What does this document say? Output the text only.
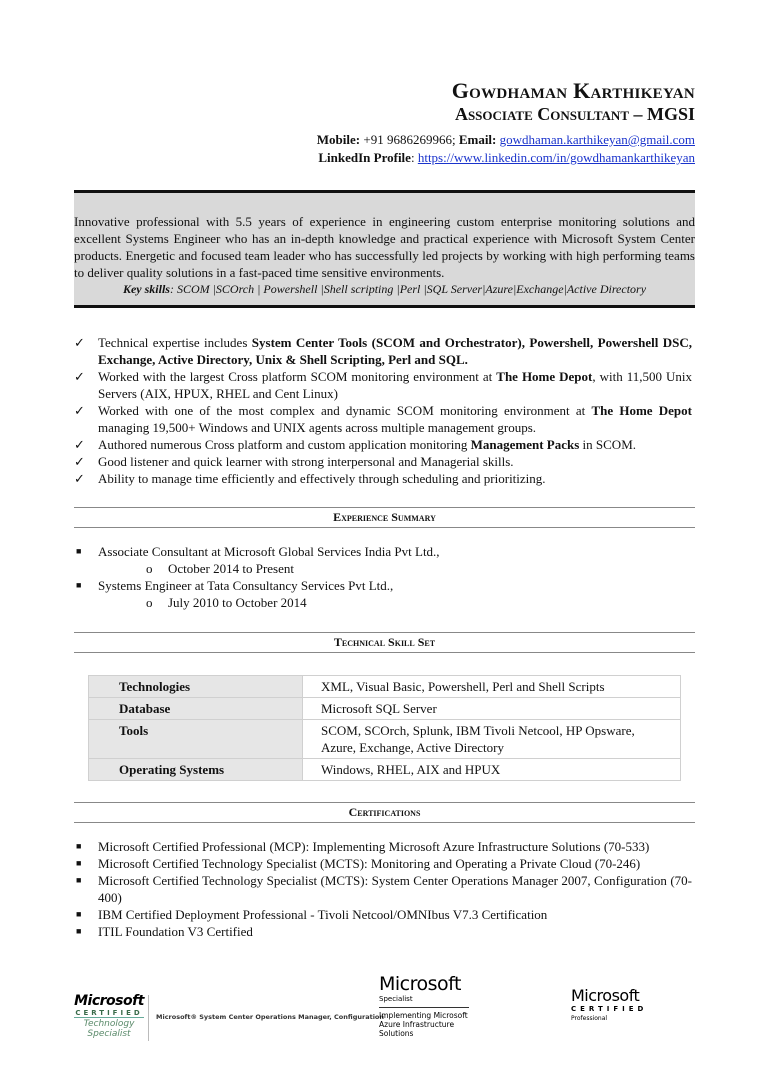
Gowdhaman Karthikeyan
Associate Consultant – MGSI
Mobile: +91 9686269966; Email: gowdhaman.karthikeyan@gmail.com
LinkedIn Profile: https://www.linkedin.com/in/gowdhamankarthikeyan

Innovative professional with 5.5 years of experience in engineering custom enterprise monitoring solutions and excellent Systems Engineer who has an in-depth knowledge and practical experience with Microsoft System Center products. Energetic and focused team leader who has successfully led projects by working with high performing teams to deliver quality solutions in a fast-paced time sensitive environments.

Key skills: SCOM |SCOrch | Powershell |Shell scripting |Perl |SQL Server|Azure|Exchange|Active Directory
✓ Technical expertise includes System Center Tools (SCOM and Orchestrator), Powershell, Powershell DSC, Exchange, Active Directory, Unix & Shell Scripting, Perl and SQL.
✓ Worked with the largest Cross platform SCOM monitoring environment at The Home Depot, with 11,500 Unix Servers (AIX, HPUX, RHEL and Cent Linux)
✓ Worked with one of the most complex and dynamic SCOM monitoring environment at The Home Depot managing 19,500+ Windows and UNIX agents across multiple management groups.
✓ Authored numerous Cross platform and custom application monitoring Management Packs in SCOM.
✓ Good listener and quick learner with strong interpersonal and Managerial skills.
✓ Ability to manage time efficiently and effectively through scheduling and prioritizing.
Experience Summary
■ Associate Consultant at Microsoft Global Services India Pvt Ltd.,
o October 2014 to Present
■ Systems Engineer at Tata Consultancy Services Pvt Ltd.,
o July 2010 to October 2014
Technical Skill Set
Technologies	XML, Visual Basic, Powershell, Perl and Shell Scripts
Database	Microsoft SQL Server
Tools	SCOM, SCOrch, Splunk, IBM Tivoli Netcool, HP Opsware, Azure, Exchange, Active Directory
Operating Systems	Windows, RHEL, AIX and HPUX
Certifications
■ Microsoft Certified Professional (MCP): Implementing Microsoft Azure Infrastructure Solutions (70-533)
■ Microsoft Certified Technology Specialist (MCTS): Monitoring and Operating a Private Cloud (70-246)
■ Microsoft Certified Technology Specialist (MCTS): System Center Operations Manager 2007, Configuration (70-400)
■ IBM Certified Deployment Professional - Tivoli Netcool/OMNIbus V7.3 Certification
■ ITIL Foundation V3 Certified
Microsoft
CERTIFIED
Technology Specialist
Microsoft® System Center Operations Manager, Configuration
Microsoft
Specialist
Implementing Microsoft Azure Infrastructure Solutions
Microsoft
CERTIFIED
Professional
